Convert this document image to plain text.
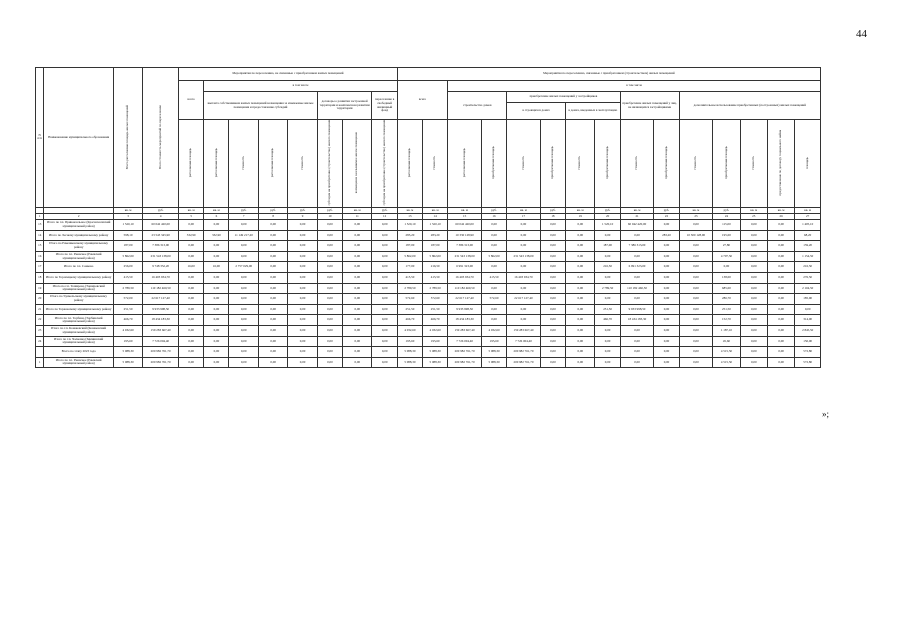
44
N п/п	Наименование муниципального образования	Всего расселяемая площадь жилых помещений	Всего стоимость мероприятий по переселению	Мероприятия по переселению, не связанные с приобретением жилых помещений								Мероприятия по переселению, связанные с приобретением (строительством) жилых помещений														
				всего	в том числе							всего		в том числе												
					выплата собственникам жилых помещений возмещения за изымаемые жилые помещения и предоставление субсидий				договоры о развитии застроенной территории и комплексном развитии территории		переселение в свободный жилищный фонд			строительство домов		приобретение жилых помещений у застройщиков				приобретение жилых помещений у лиц, не являющихся застройщиками		дополнительное использование приобретенных (построенных) жилых помещений				
																в строящихся домах		в домах, введенных в эксплуатацию								
				расселяемая площадь	расселяемая площадь	стоимость	расселяемая площадь	стоимость	субсидия на приобретение (строительство) жилого помещения	возмещение за изымаемое жилое помещение	субсидия на приобретение (строительство) жилого помещения	расселяемая площадь	стоимость	расселяемая площадь	приобретаемая площадь	стоимость	приобретаемая площадь	стоимость	приобретаемая площадь	стоимость	приобретаемая площадь	стоимость	приобретаемая площадь	стоимость	предоставление по договору социального найма	площадь
		кв. м	руб.	кв. м	кв. м	руб.	руб.	руб.	руб.	кв. м	руб.	кв. м	кв. м	кв. м	руб.	кв. м	руб.	кв. м	руб.	кв. м	руб.	кв. м	руб.	кв. м	кв. м	кв. м
1	2	3	4	5	6	7	8	9	10	11	12	13	14	15	16	17	18	19	20	21	22	23	24	25	26	27
13	Итого по г.п. Привокзальное (Краснохолмский муниципальный район)	1 520,10	60 042 420,00	0,00	0,00	0,00	0,00	0,00	0,00	0,00	0,00	1 520,10	1 520,10	60 042 420,00	0,00	0,00	0,00	0,00	1 520,10	60 042 420,00	0,00	0,00	115,00	0,00	0,00	1 405,10
14	Итого по Лесному муниципальному району	598,10	23 543 345,90	332,90	332,90	11 149 217,20	0,00	0,00	0,00	0,00	0,00	283,20	283,20	10 330 128,90	0,00	0,00	0,00	0,00	0,00	0,00	283,20	10 300 128,90	195,00	0,00	0,00	68,20
15	Итого по Рамешковскому муниципальному району	187,00	7 386 313,00	0,00	0,00	0,00	0,00	0,00	0,00	0,00	0,00	187,00	187,00	7 386 313,00	0,00	0,00	0,00	0,00	187,00	7 386 313,00	0,00	0,00	27,80	0,00	0,00	159,20
16	Итого по г.п. Ржевское (Ржевский муниципальный район)	5 862,00	231 543 138,00	0,00	0,00	0,00	0,00	0,00	0,00	0,00	0,00	5 862,00	5 862,00	231 543 138,00	5 862,00	231 543 138,00	0,00	0,00	0,00	0,00	0,00	0,00	4 707,50	0,00	0,00	1 154,50
17	Итого по г.п. Сонково	256,00	9 748 352,20	16,00	16,00	2 757 029,00	0,00	0,00	0,00	0,00	0,00	177,00	216,50	6 991 323,00	0,00	0,00	0,00	0,00	216,50	6 991 323,00	0,00	0,00	0,00	0,00	0,00	216,50
18	Итого по Торопецкому муниципальному району	415,50	16 403 934,70	0,00	0,00	0,00	0,00	0,00	0,00	0,00	0,00	415,50	415,50	16 403 934,70	415,50	16 403 934,70	0,00	0,00	0,00	0,00	0,00	0,00	138,00	0,00	0,00	276,50
19	Итого по г.п. Тоширово (Тошировский муниципальный район)	2 789,50	110 182 460,50	0,00	0,00	0,00	0,00	0,00	0,00	0,00	0,00	2 789,50	2 789,50	110 182 460,50	0,00	0,00	0,00	0,00	2 789,50	110 182 460,50	0,00	0,00	685,00	0,00	0,00	2 104,50
20	Итого по Удомельскому муниципальному району	572,00	22 617 127,40	0,00	0,00	0,00	0,00	0,00	0,00	0,00	0,00	572,60	572,60	22 617 127,40	572,60	22 617 127,40	0,00	0,00	0,00	0,00	0,00	0,00	286,70	0,00	0,00	185,90
21	Итого по Торжокскому муниципальному району	251,50	9 933 998,50	0,00	0,00	0,00	0,00	0,00	0,00	0,00	0,00	251,50	251,50	9 933 998,50	0,00	0,00	0,00	0,00	251,50	9 933 998,50	0,00	0,00	251,50	0,00	0,00	0,00
22	Итого по г.п. Торбино (Торбинский муниципальный район)	466,70	18 434 183,30	0,00	0,00	0,00	0,00	0,00	0,00	0,00	0,00	466,70	466,70	18 434 183,30	0,00	0,00	0,00	0,00	466,70	18 434 183,30	0,00	0,00	152,70	0,00	0,00	314,00
23	Итого по г.п. Конаковский (Конаковский муниципальный район)	4 032,60	159 283 667,40	0,00	0,00	0,00	0,00	0,00	0,00	0,00	0,00	4 032,60	4 032,60	159 283 667,40	4 032,60	159 283 667,40	0,00	0,00	0,00	0,00	0,00	0,00	1 187,10	0,00	0,00	2 845,50
24	Итого по г.п. Чалковка (Зимнинский муниципальный район)	195,60	7 726 004,40	0,00	0,00	0,00	0,00	0,00	0,00	0,00	0,00	195,60	195,60	7 726 004,40	195,60	7 726 004,40	0,00	0,00	0,00	0,00	0,00	0,00	45,60	0,00	0,00	150,00
	Всего по этапу 2023 года	5 088,30	200 982 761,70	0,00	0,00	0,00	0,00	0,00	0,00	0,00	0,00	5 088,30	5 088,30	200 982 761,70	5 088,30	200 982 761,70	0,00	0,00	0,00	0,00	0,00	0,00	4 515,50	0,00	0,00	572,80
1	Итого по г.п. Ржевское (Ржевский муниципальный район)	5 088,30	200 982 761,70	0,00	0,00	0,00	0,00	0,00	0,00	0,00	0,00	5 088,30	5 088,30	200 982 761,70	5 088,30	200 982 761,70	0,00	0,00	0,00	0,00	0,00	0,00	4 515,50	0,00	0,00	572,80
»;
